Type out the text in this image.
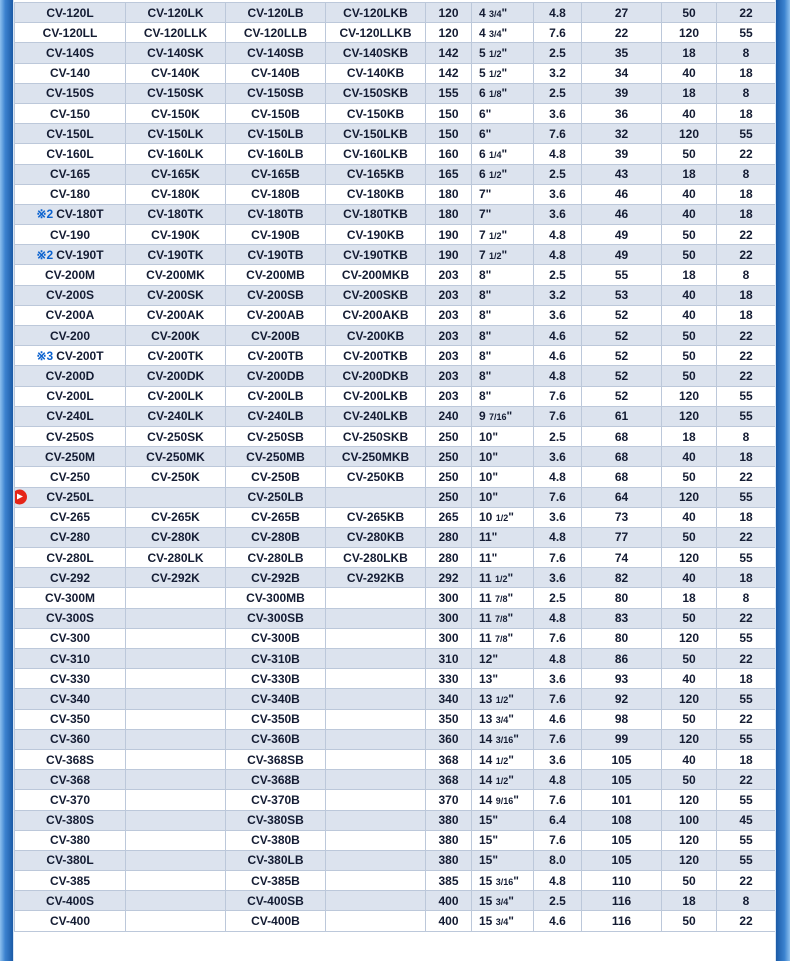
CV-120L	CV-120LK	CV-120LB	CV-120LKB	120	4 3/4"	4.8	27	50	22
CV-120LL	CV-120LLK	CV-120LLB	CV-120LLKB	120	4 3/4"	7.6	22	120	55
CV-140S	CV-140SK	CV-140SB	CV-140SKB	142	5 1/2"	2.5	35	18	8
CV-140	CV-140K	CV-140B	CV-140KB	142	5 1/2"	3.2	34	40	18
CV-150S	CV-150SK	CV-150SB	CV-150SKB	155	6 1/8"	2.5	39	18	8
CV-150	CV-150K	CV-150B	CV-150KB	150	6"	3.6	36	40	18
CV-150L	CV-150LK	CV-150LB	CV-150LKB	150	6"	7.6	32	120	55
CV-160L	CV-160LK	CV-160LB	CV-160LKB	160	6 1/4"	4.8	39	50	22
CV-165	CV-165K	CV-165B	CV-165KB	165	6 1/2"	2.5	43	18	8
CV-180	CV-180K	CV-180B	CV-180KB	180	7"	3.6	46	40	18
※2 CV-180T	CV-180TK	CV-180TB	CV-180TKB	180	7"	3.6	46	40	18
CV-190	CV-190K	CV-190B	CV-190KB	190	7 1/2"	4.8	49	50	22
※2 CV-190T	CV-190TK	CV-190TB	CV-190TKB	190	7 1/2"	4.8	49	50	22
CV-200M	CV-200MK	CV-200MB	CV-200MKB	203	8"	2.5	55	18	8
CV-200S	CV-200SK	CV-200SB	CV-200SKB	203	8"	3.2	53	40	18
CV-200A	CV-200AK	CV-200AB	CV-200AKB	203	8"	3.6	52	40	18
CV-200	CV-200K	CV-200B	CV-200KB	203	8"	4.6	52	50	22
※3 CV-200T	CV-200TK	CV-200TB	CV-200TKB	203	8"	4.6	52	50	22
CV-200D	CV-200DK	CV-200DB	CV-200DKB	203	8"	4.8	52	50	22
CV-200L	CV-200LK	CV-200LB	CV-200LKB	203	8"	7.6	52	120	55
CV-240L	CV-240LK	CV-240LB	CV-240LKB	240	9 7/16"	7.6	61	120	55
CV-250S	CV-250SK	CV-250SB	CV-250SKB	250	10"	2.5	68	18	8
CV-250M	CV-250MK	CV-250MB	CV-250MKB	250	10"	3.6	68	40	18
CV-250	CV-250K	CV-250B	CV-250KB	250	10"	4.8	68	50	22

CV-250L		CV-250LB		250	10"	7.6	64	120	55
CV-265	CV-265K	CV-265B	CV-265KB	265	10 1/2"	3.6	73	40	18
CV-280	CV-280K	CV-280B	CV-280KB	280	11"	4.8	77	50	22
CV-280L	CV-280LK	CV-280LB	CV-280LKB	280	11"	7.6	74	120	55
CV-292	CV-292K	CV-292B	CV-292KB	292	11 1/2"	3.6	82	40	18
CV-300M		CV-300MB		300	11 7/8"	2.5	80	18	8
CV-300S		CV-300SB		300	11 7/8"	4.8	83	50	22
CV-300		CV-300B		300	11 7/8"	7.6	80	120	55
CV-310		CV-310B		310	12"	4.8	86	50	22
CV-330		CV-330B		330	13"	3.6	93	40	18
CV-340		CV-340B		340	13 1/2"	7.6	92	120	55
CV-350		CV-350B		350	13 3/4"	4.6	98	50	22
CV-360		CV-360B		360	14 3/16"	7.6	99	120	55
CV-368S		CV-368SB		368	14 1/2"	3.6	105	40	18
CV-368		CV-368B		368	14 1/2"	4.8	105	50	22
CV-370		CV-370B		370	14 9/16"	7.6	101	120	55
CV-380S		CV-380SB		380	15"	6.4	108	100	45
CV-380		CV-380B		380	15"	7.6	105	120	55
CV-380L		CV-380LB		380	15"	8.0	105	120	55
CV-385		CV-385B		385	15 3/16"	4.8	110	50	22
CV-400S		CV-400SB		400	15 3/4"	2.5	116	18	8
CV-400		CV-400B		400	15 3/4"	4.6	116	50	22
